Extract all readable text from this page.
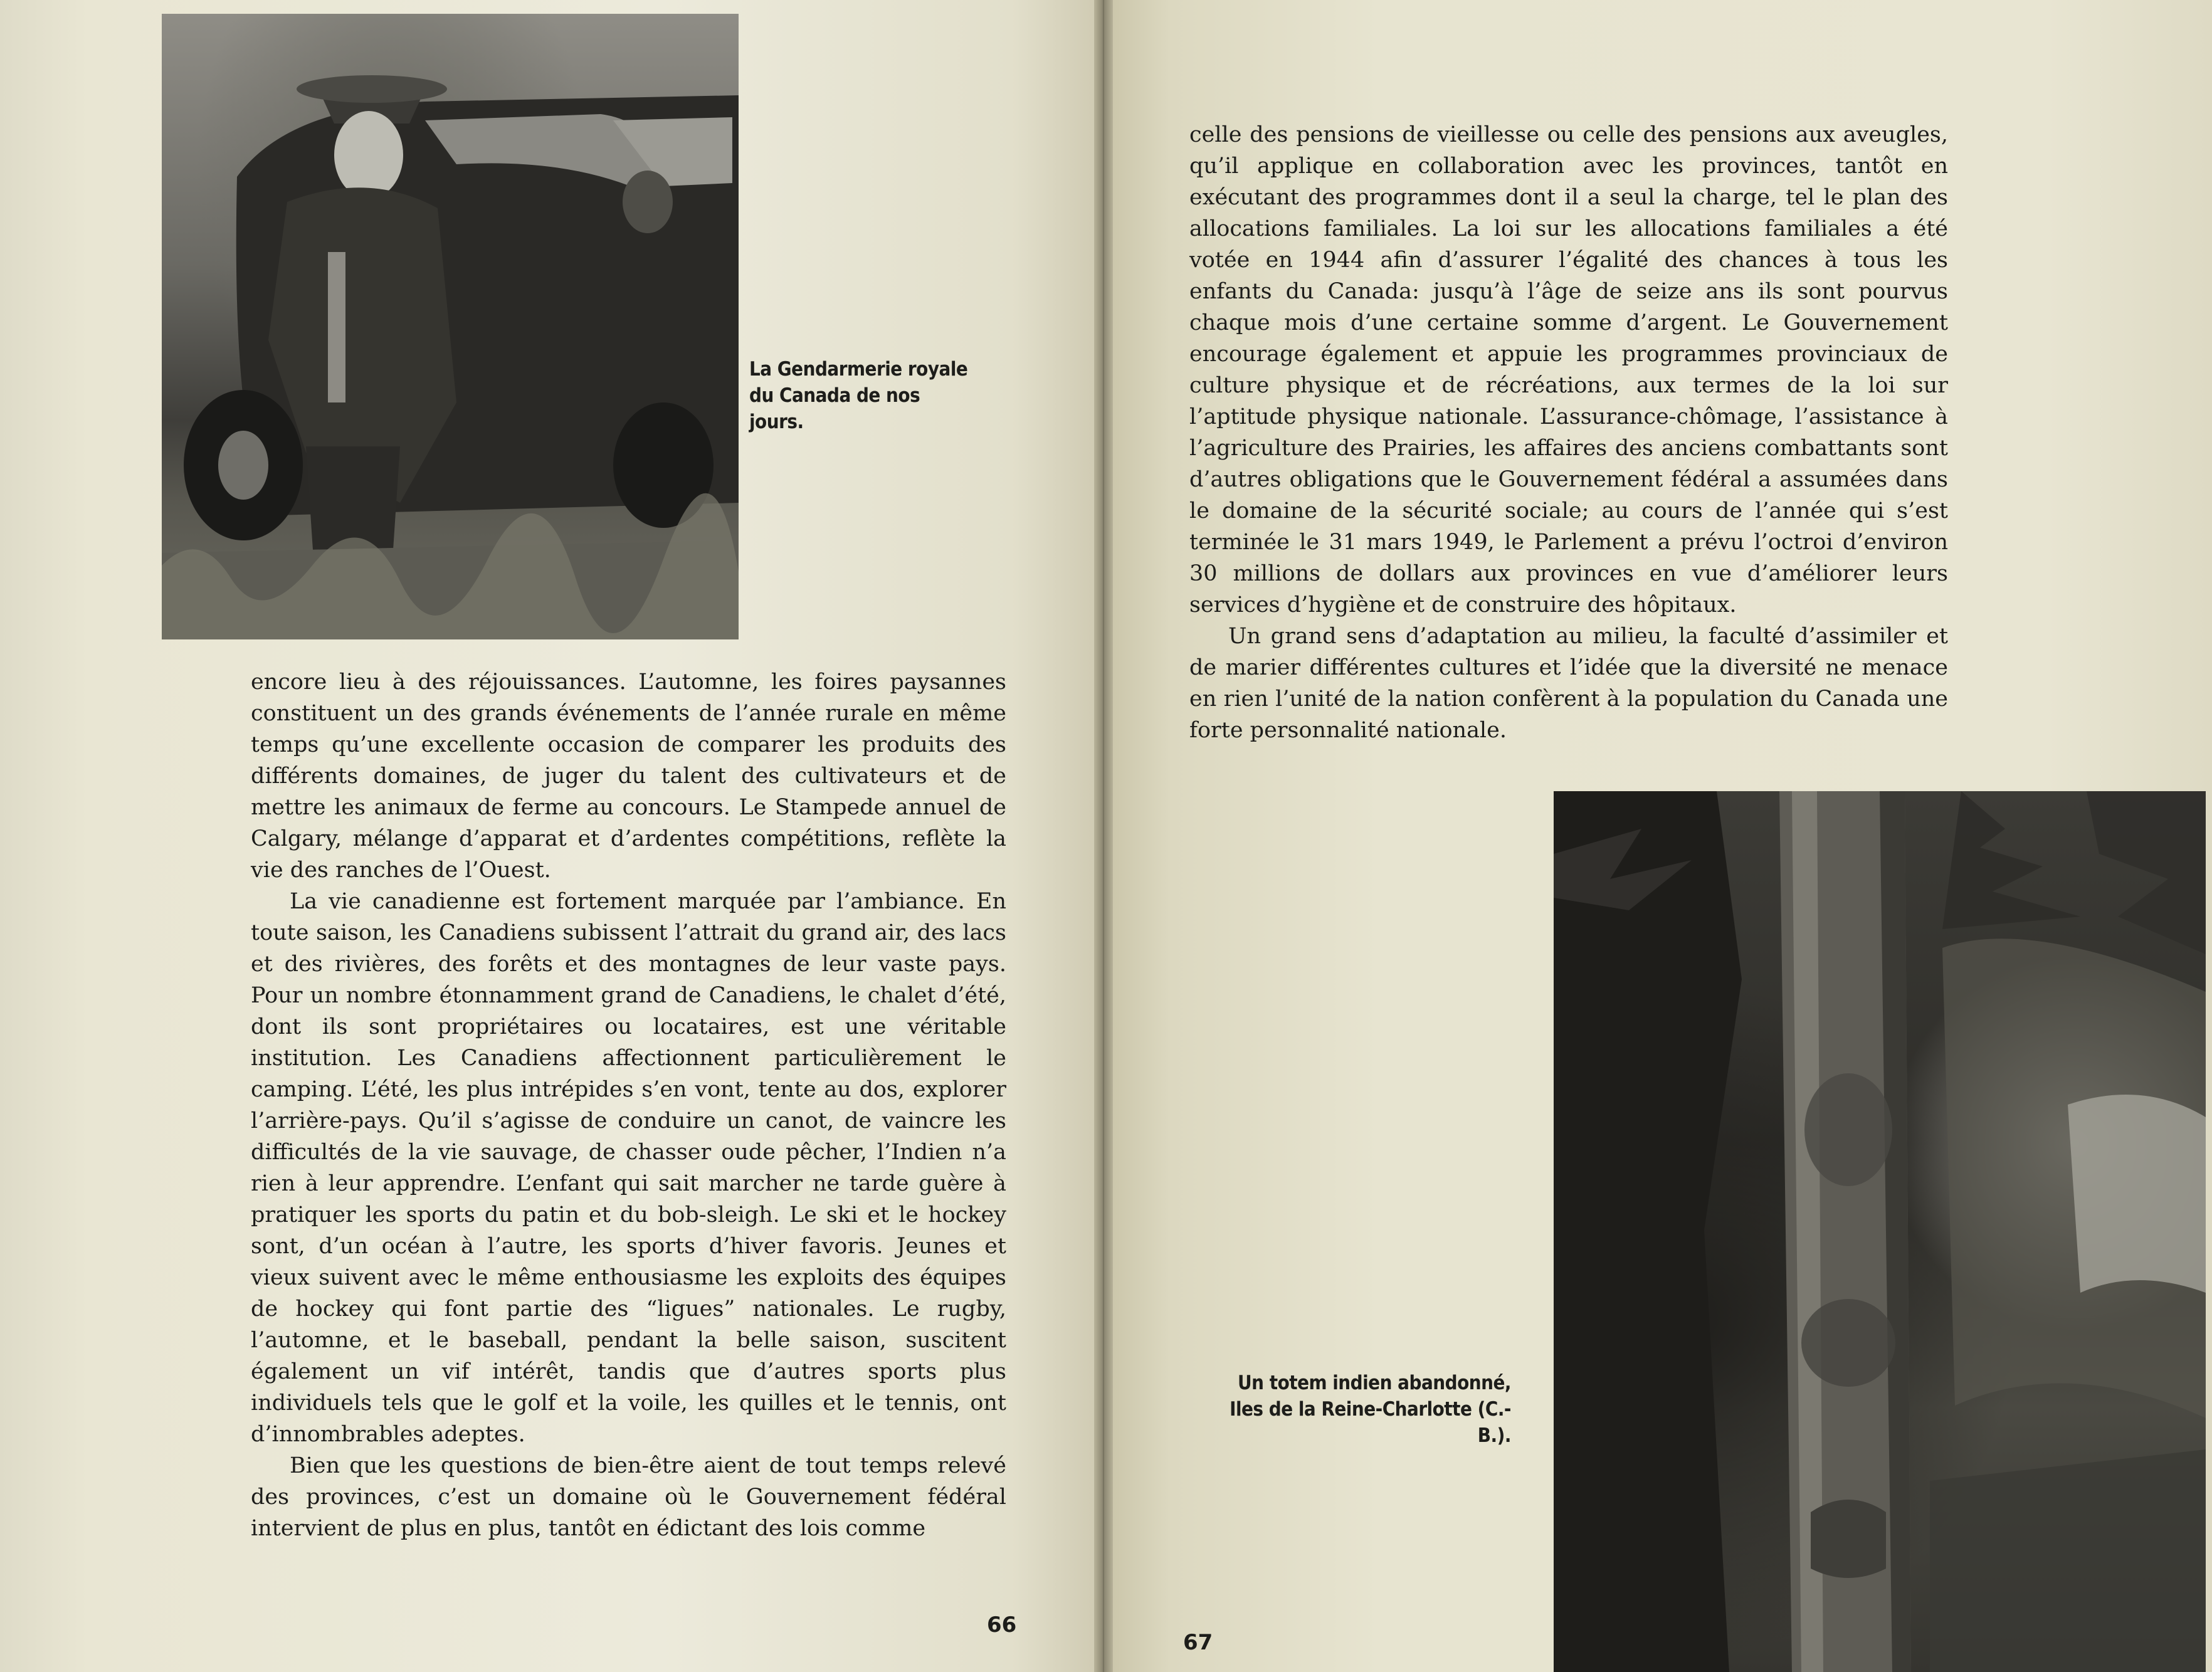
La Gendarmerie royale du Canada de nos jours.

encore lieu à des réjouissances. L’automne, les foires paysannes constituent un des grands événements de l’année rurale en même temps qu’une excellente occasion de comparer les produits des différents domaines, de juger du talent des cultivateurs et de mettre les animaux de ferme au concours. Le Stampede annuel de Calgary, mélange d’apparat et d’ardentes compétitions, reflète la vie des ranches de l’Ouest.

La vie canadienne est fortement marquée par l’ambiance. En toute saison, les Canadiens subissent l’attrait du grand air, des lacs et des rivières, des forêts et des montagnes de leur vaste pays. Pour un nombre étonnamment grand de Canadiens, le chalet d’été, dont ils sont propriétaires ou locataires, est une véritable institution. Les Canadiens affectionnent particulièrement le camping. L’été, les plus intrépides s’en vont, tente au dos, explorer l’arrière-pays. Qu’il s’agisse de conduire un canot, de vaincre les difficultés de la vie sauvage, de chasser oude pêcher, l’Indien n’a rien à leur apprendre. L’enfant qui sait marcher ne tarde guère à pratiquer les sports du patin et du bob-sleigh. Le ski et le hockey sont, d’un océan à l’autre, les sports d’hiver favoris. Jeunes et vieux suivent avec le même enthousiasme les exploits des équipes de hockey qui font partie des “ligues” nationales. Le rugby, l’automne, et le baseball, pendant la belle saison, suscitent également un vif intérêt, tandis que d’autres sports plus individuels tels que le golf et la voile, les quilles et le tennis, ont d’innombrables adeptes.

Bien que les questions de bien-être aient de tout temps relevé des provinces, c’est un domaine où le Gouvernement fédéral intervient de plus en plus, tantôt en édictant des lois comme

66

celle des pensions de vieillesse ou celle des pensions aux aveugles, qu’il applique en collaboration avec les provinces, tantôt en exécutant des programmes dont il a seul la charge, tel le plan des allocations familiales. La loi sur les allocations familiales a été votée en 1944 afin d’assurer l’égalité des chances à tous les enfants du Canada: jusqu’à l’âge de seize ans ils sont pourvus chaque mois d’une certaine somme d’argent. Le Gouvernement encourage également et appuie les programmes provinciaux de culture physique et de récréations, aux termes de la loi sur l’aptitude physique nationale. L’assurance-chômage, l’assistance à l’agriculture des Prairies, les affaires des anciens combattants sont d’autres obligations que le Gouvernement fédéral a assumées dans le domaine de la sécurité sociale; au cours de l’année qui s’est terminée le 31 mars 1949, le Parlement a prévu l’octroi d’environ 30 millions de dollars aux provinces en vue d’améliorer leurs services d’hygiène et de construire des hôpitaux.

Un grand sens d’adaptation au milieu, la faculté d’assimiler et de marier différentes cultures et l’idée que la diversité ne menace en rien l’unité de la nation confèrent à la population du Canada une forte personnalité nationale.

Un totem indien abandonné, Iles de la Reine-Charlotte (C.-B.).
67
